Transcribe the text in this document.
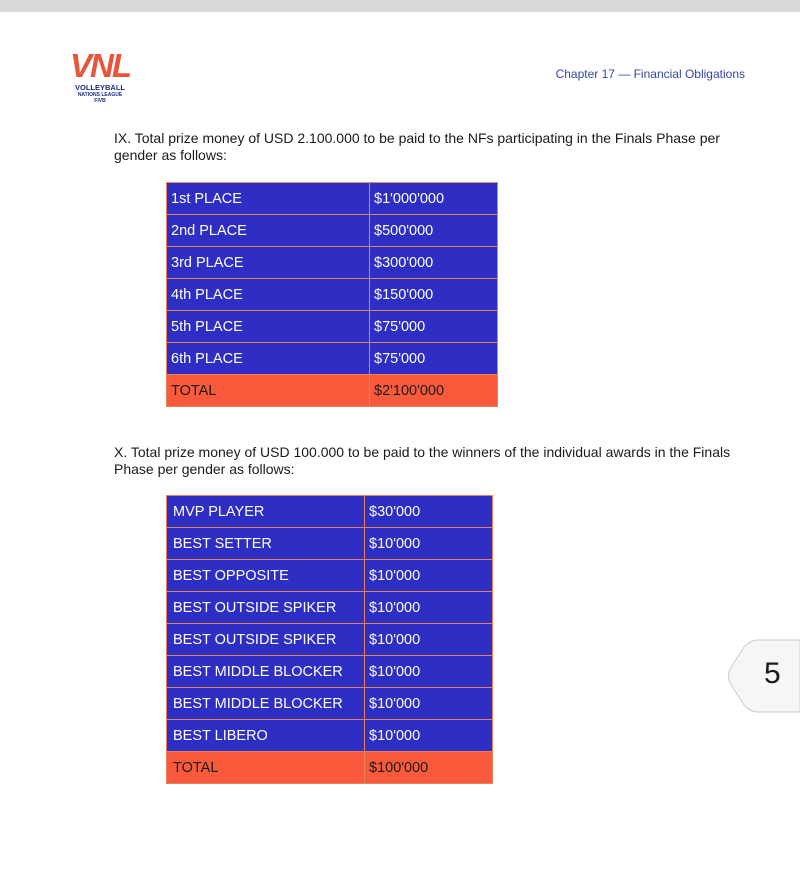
VNL
VOLLEYBALL
NATIONS LEAGUE
FIVB
Chapter 17 — Financial Obligations

IX. Total prize money of USD 2.100.000 to be paid to the NFs participating in the Finals Phase per gender as follows:

1st PLACE	$1'000'000
2nd PLACE	$500'000
3rd PLACE	$300'000
4th PLACE	$150'000
5th PLACE	$75'000
6th PLACE	$75'000
TOTAL	$2'100'000

X. Total prize money of USD 100.000 to be paid to the winners of the individual awards in the Finals Phase per gender as follows:

MVP PLAYER	$30'000
BEST SETTER	$10'000
BEST OPPOSITE	$10'000
BEST OUTSIDE SPIKER	$10'000
BEST OUTSIDE SPIKER	$10'000
BEST MIDDLE BLOCKER	$10'000
BEST MIDDLE BLOCKER	$10'000
BEST LIBERO	$10'000
TOTAL	$100'000
5
